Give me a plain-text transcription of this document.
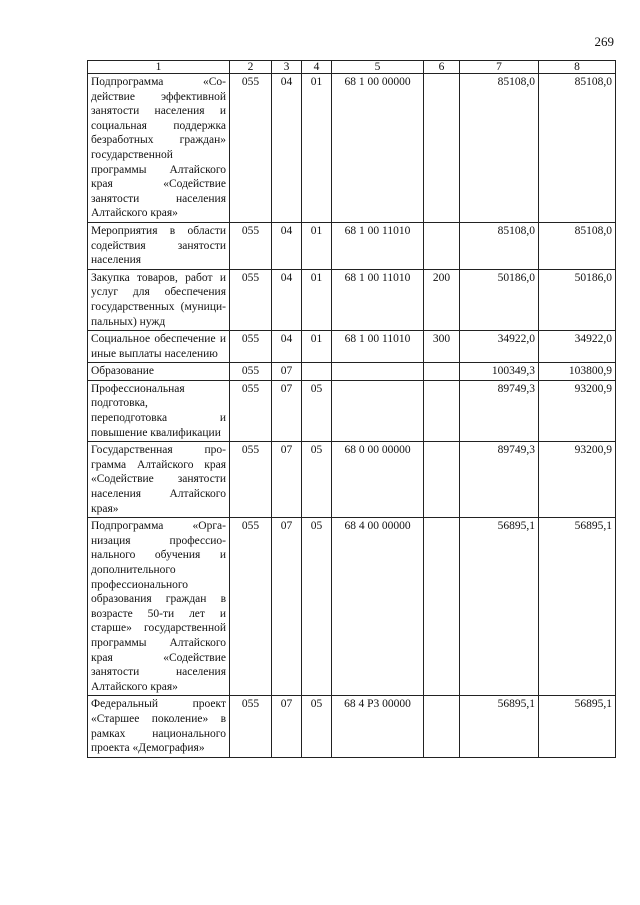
269
1	2	3	4	5	6	7	8
Подпрограмма «Содействие эффективной занятости населения и социальная поддержка безработных граждан» государственной программы Алтайского края «Содействие занятости населения Алтайского края»	055	04	01	68 1 00 00000		85108,0	85108,0
Мероприятия в области содействия занятости населения	055	04	01	68 1 00 11010		85108,0	85108,0
Закупка товаров, работ и услуг для обеспечения государственных (муниципальных) нужд	055	04	01	68 1 00 11010	200	50186,0	50186,0
Социальное обеспечение и иные выплаты населению	055	04	01	68 1 00 11010	300	34922,0	34922,0
Образование	055	07				100349,3	103800,9
Профессиональная подготовка, переподготовка и повышение квалификации	055	07	05			89749,3	93200,9
Государственная программа Алтайского края «Содействие занятости населения Алтайского края»	055	07	05	68 0 00 00000		89749,3	93200,9
Подпрограмма «Организация профессионального обучения и дополнительного профессионального образования граждан в возрасте 50-ти лет и старше» государственной программы Алтайского края «Содействие занятости населения Алтайского края»	055	07	05	68 4 00 00000		56895,1	56895,1
Федеральный проект «Старшее поколение» в рамках национального проекта «Демография»	055	07	05	68 4 P3 00000		56895,1	56895,1
